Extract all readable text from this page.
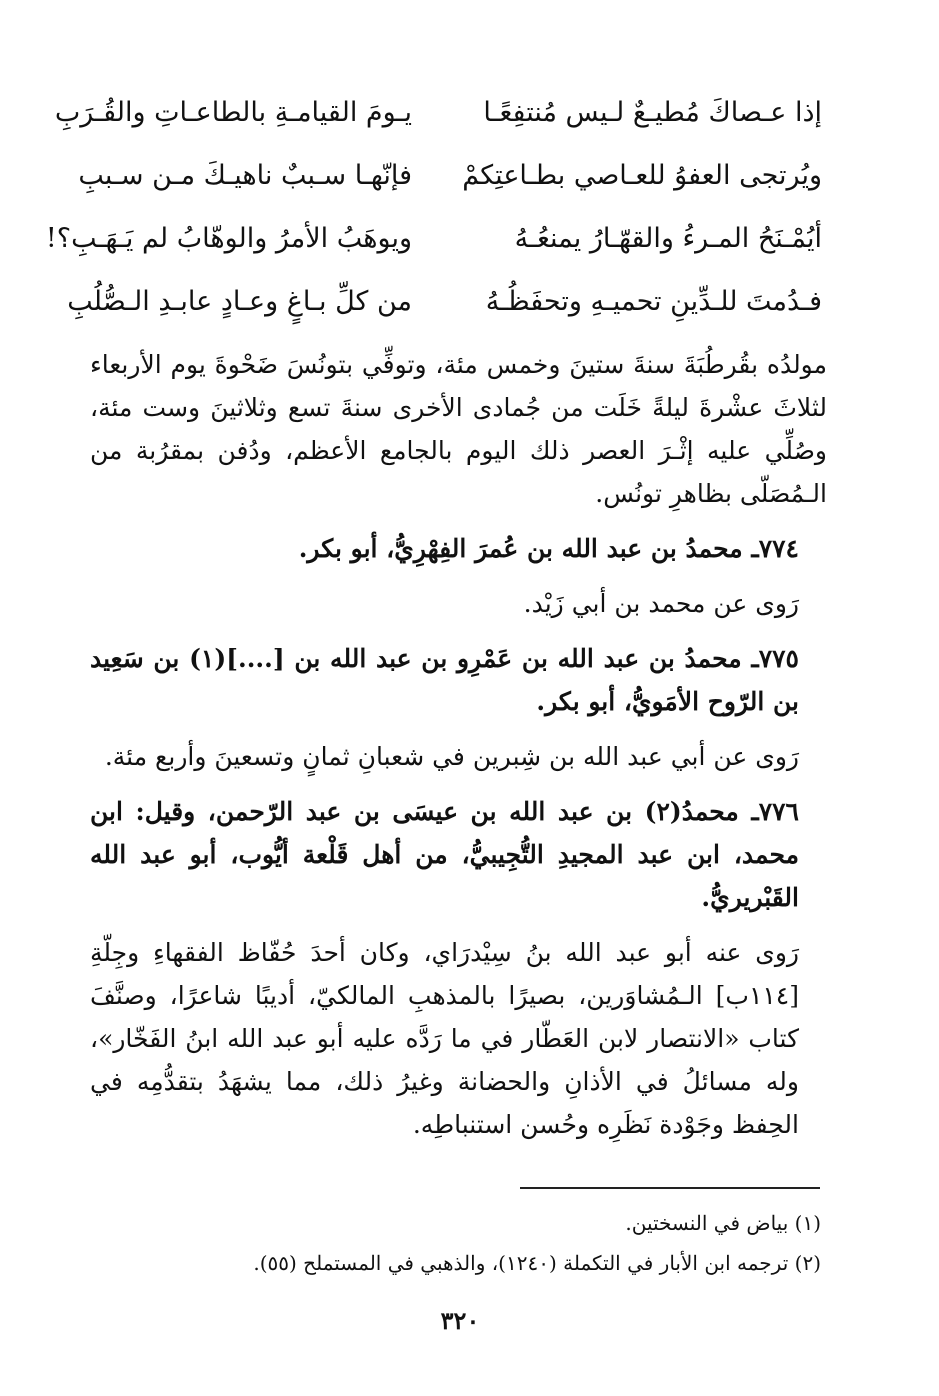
إذا عـصاكَ مُطيـعٌ لـيس مُنتفِعًـا
يـومَ القيامـةِ بالطاعـاتِ والقُـرَبِ
ويُرتجى العفوُ للعـاصي بطـاعتِكمْ
فإنّهـا سـببٌ ناهيـكَ مـن سـببِ
أيُمْـنَحُ المـرءُ والقهّـارُ يمنعُـهُ
ويوهَبُ الأمرُ والوهّابُ لم يَـهَـبِ؟!
فـدُمتَ للـدِّينِ تحميـهِ وتحفَظُـهُ
من كلِّ بـاغٍ وعـادٍ عابـدِ الـصُّلُبِ

مولدُه بقُرطُبَةَ سنةَ ستينَ وخمس مئة، وتوفِّي بتونُسَ ضَحْوةَ يوم الأربعاء لثلاثَ عشْرةَ ليلةً خَلَت من جُمادى الأخرى سنةَ تسع وثلاثينَ وست مئة، وصُلِّي عليه إثْـرَ العصر ذلك اليوم بالجامع الأعظم، ودُفن بمقرُبة من الـمُصَلّى بظاهرِ تونُس.

٧٧٤ـ محمدُ بن عبد الله بن عُمرَ الفِهْرِيُّ، أبو بكر.

رَوى عن محمد بن أبي زَيْد.

٧٧٥ـ محمدُ بن عبد الله بن عَمْرِو بن عبد الله بن [....](١) بن سَعِيد بن الرّوح الأمَويُّ، أبو بكر.

رَوى عن أبي عبد الله بن شِبرين في شعبانِ ثمانٍ وتسعينَ وأربع مئة.

٧٧٦ـ محمدُ(٢) بن عبد الله بن عيسَى بن عبد الرّحمن، وقيل: ابن محمد، ابن عبد المجيدِ التُّجِيبيُّ، من أهل قَلْعة أيُّوب، أبو عبد الله القَبْريريُّ.

رَوى عنه أبو عبد الله بنُ سِيْدرَاي، وكان أحدَ حُفّاظ الفقهاءِ وجِلّةِ [١١٤ب] الـمُشاوَرين، بصيرًا بالمذهبِ المالكيّ، أديبًا شاعرًا، وصنَّفَ كتاب «الانتصار لابن العَطّار في ما رَدَّه عليه أبو عبد الله ابنُ الفَخّار»، وله مسائلُ في الأذانِ والحضانة وغيرُ ذلك، مما يشهَدُ بتقدُّمِه في الحِفظ وجَوْدة نَظَرِه وحُسن استنباطِه.

(١) بياض في النسختين.

(٢) ترجمه ابن الأبار في التكملة (١٢٤٠)، والذهبي في المستملح (٥٥).

٣٢٠
